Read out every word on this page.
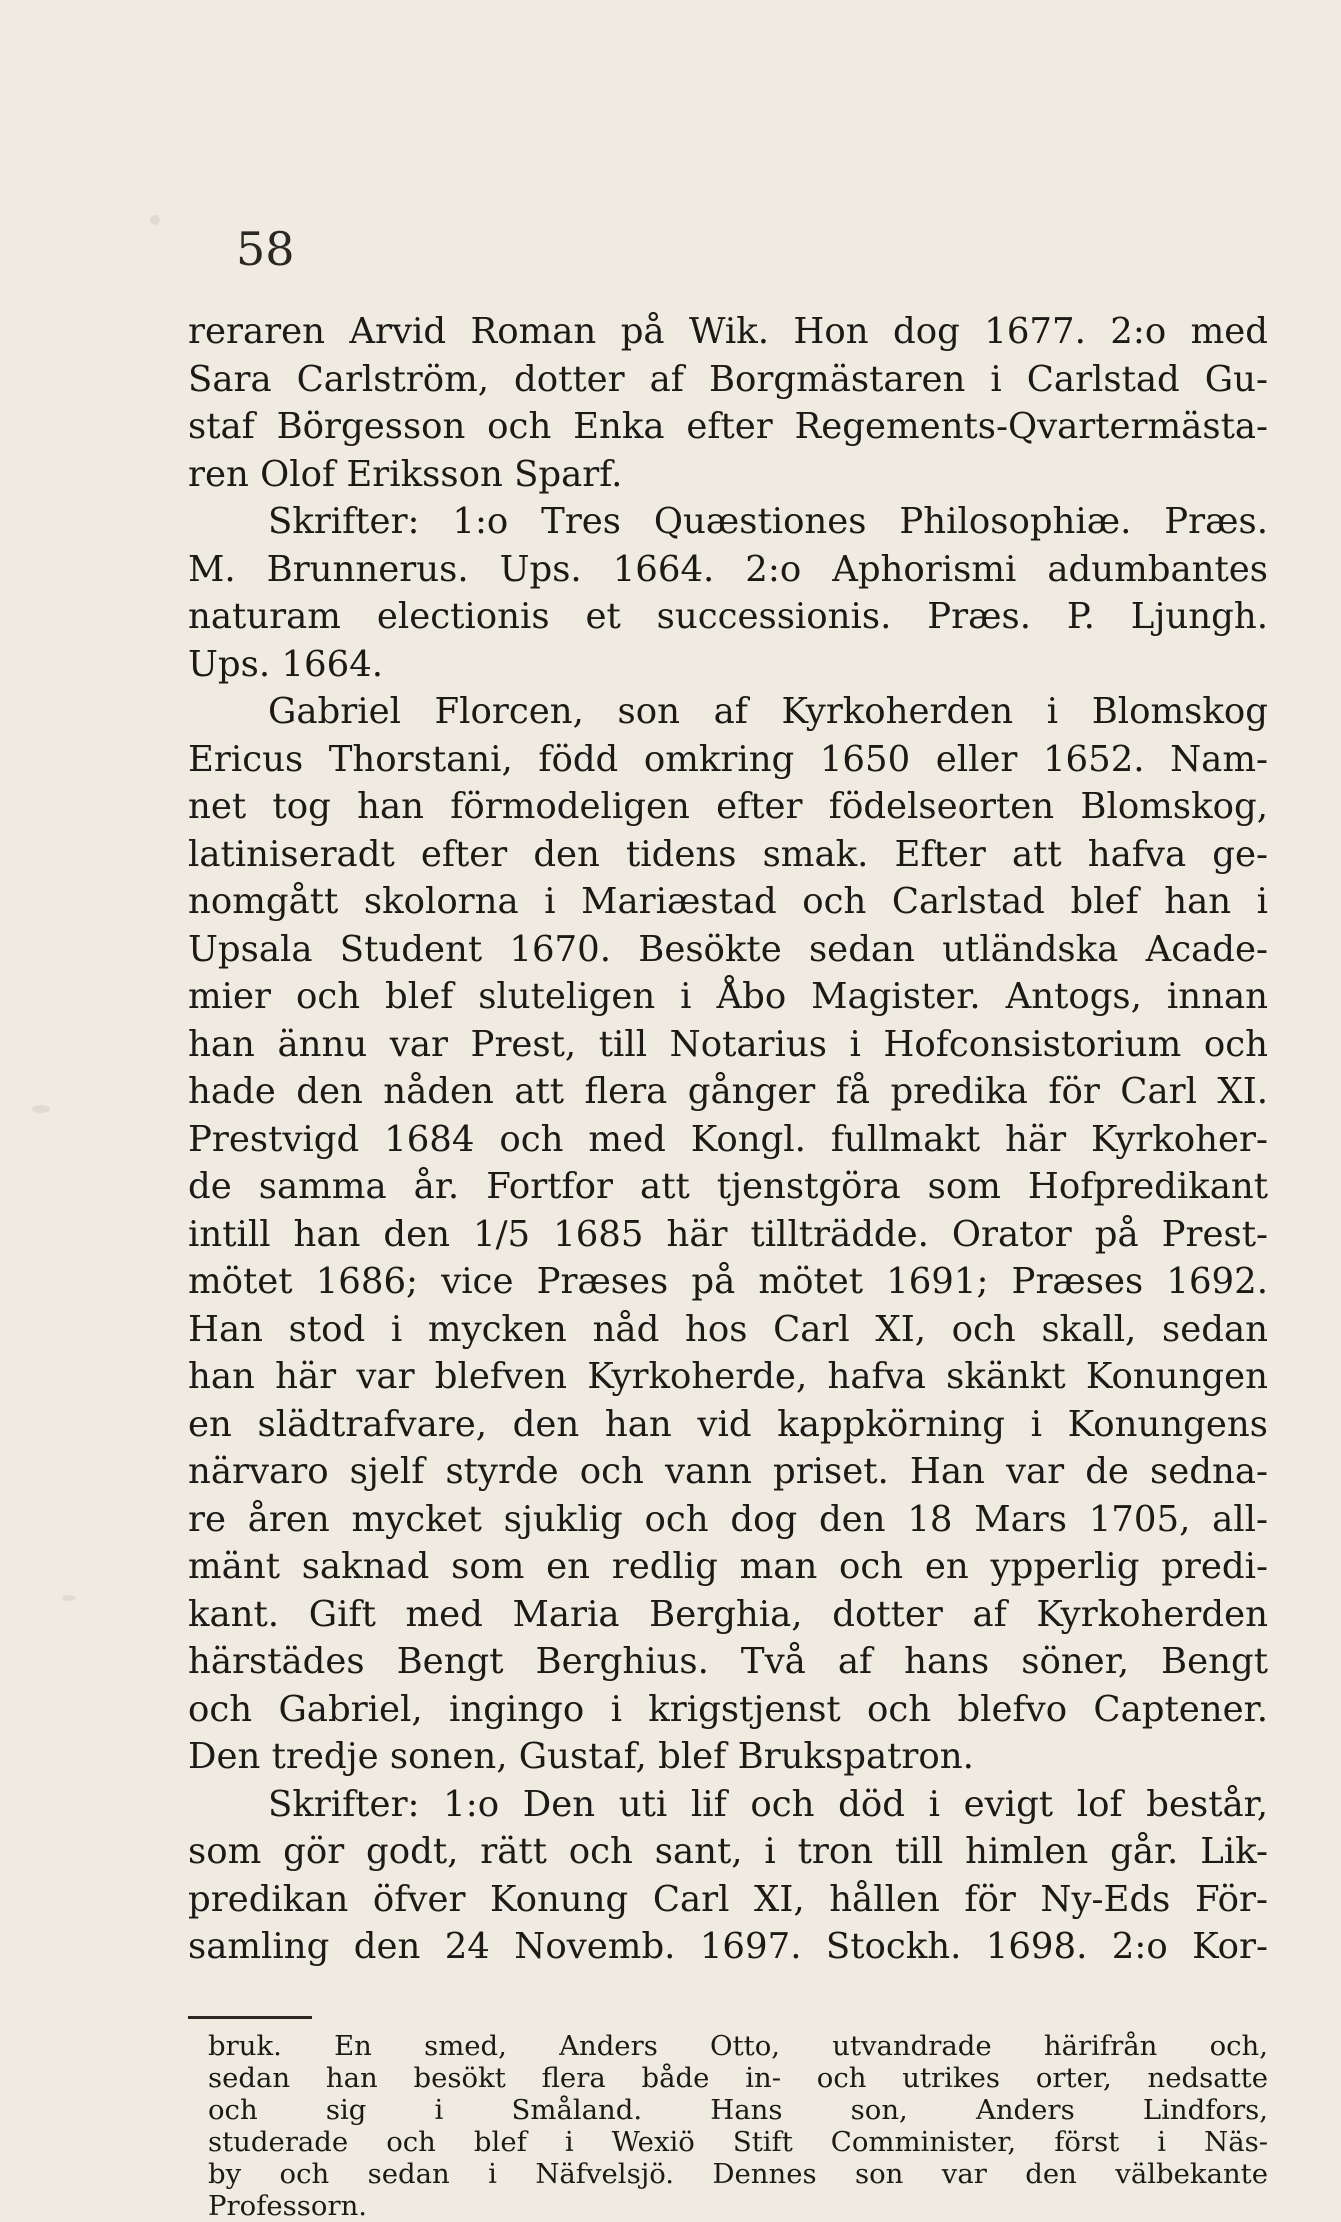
58
reraren Arvid Roman på Wik. Hon dog 1677. 2:o med
Sara Carlström, dotter af Borgmästaren i Carlstad Gu-
staf Börgesson och Enka efter Regements-Qvartermästa-
ren Olof Eriksson Sparf.
Skrifter: 1:o Tres Quæstiones Philosophiæ. Præs.
M. Brunnerus. Ups. 1664. 2:o Aphorismi adumbantes
naturam electionis et successionis. Præs. P. Ljungh.
Ups. 1664.
Gabriel Florcen, son af Kyrkoherden i Blomskog
Ericus Thorstani, född omkring 1650 eller 1652. Nam-
net tog han förmodeligen efter födelseorten Blomskog,
latiniseradt efter den tidens smak. Efter att hafva ge-
nomgått skolorna i Mariæstad och Carlstad blef han i
Upsala Student 1670. Besökte sedan utländska Acade-
mier och blef sluteligen i Åbo Magister. Antogs, innan
han ännu var Prest, till Notarius i Hofconsistorium och
hade den nåden att flera gånger få predika för Carl XI.
Prestvigd 1684 och med Kongl. fullmakt här Kyrkoher-
de samma år. Fortfor att tjenstgöra som Hofpredikant
intill han den 1/5 1685 här tillträdde. Orator på Prest-
mötet 1686; vice Præses på mötet 1691; Præses 1692.
Han stod i mycken nåd hos Carl XI, och skall, sedan
han här var blefven Kyrkoherde, hafva skänkt Konungen
en slädtrafvare, den han vid kappkörning i Konungens
närvaro sjelf styrde och vann priset. Han var de sedna-
re åren mycket sjuklig och dog den 18 Mars 1705, all-
mänt saknad som en redlig man och en ypperlig predi-
kant. Gift med Maria Berghia, dotter af Kyrkoherden
härstädes Bengt Berghius. Två af hans söner, Bengt
och Gabriel, ingingo i krigstjenst och blefvo Captener.
Den tredje sonen, Gustaf, blef Brukspatron.
Skrifter: 1:o Den uti lif och död i evigt lof består,
som gör godt, rätt och sant, i tron till himlen går. Lik-
predikan öfver Konung Carl XI, hållen för Ny-Eds För-
samling den 24 Novemb. 1697. Stockh. 1698. 2:o Kor-
bruk. En smed, Anders Otto, utvandrade härifrån och,
sedan han besökt flera både in- och utrikes orter, nedsatte
och sig i Småland. Hans son, Anders Lindfors,
studerade och blef i Wexiö Stift Comminister, först i Näs-
by och sedan i Näfvelsjö. Dennes son var den välbekante
Professorn.
